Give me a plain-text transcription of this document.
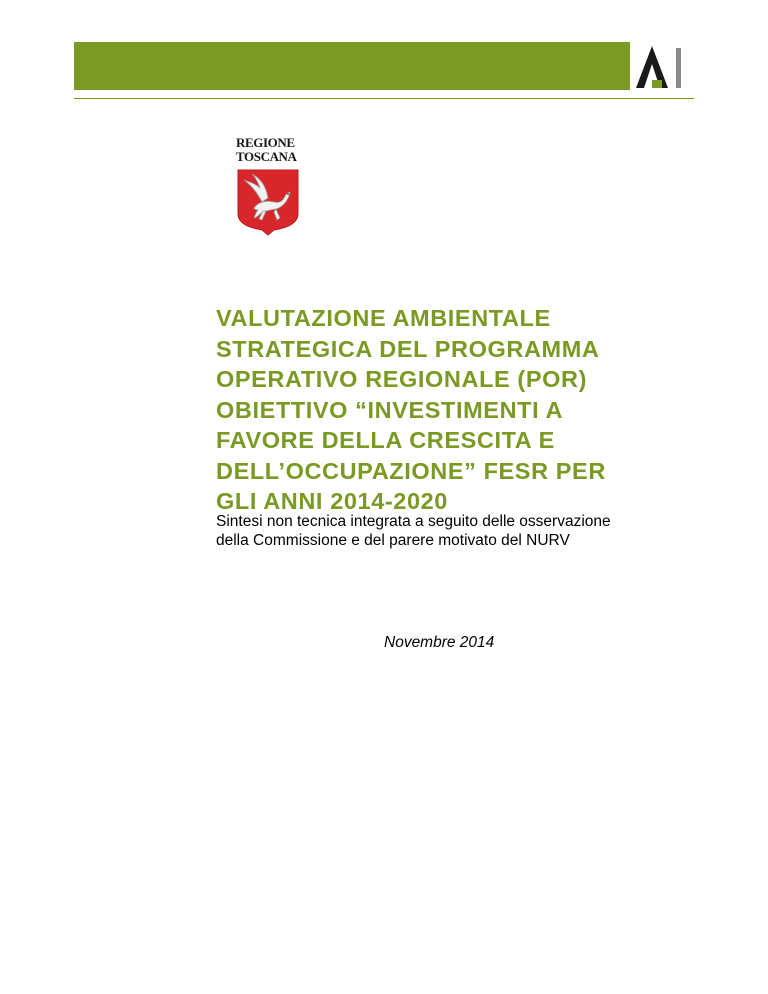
REGIONE
TOSCANA
VALUTAZIONE AMBIENTALE
STRATEGICA DEL PROGRAMMA
OPERATIVO REGIONALE (POR)
OBIETTIVO “INVESTIMENTI A
FAVORE DELLA CRESCITA E
DELL’OCCUPAZIONE” FESR PER
GLI ANNI 2014-2020
Sintesi non tecnica integrata a seguito delle osservazione
della Commissione e del parere motivato del NURV
Novembre 2014
